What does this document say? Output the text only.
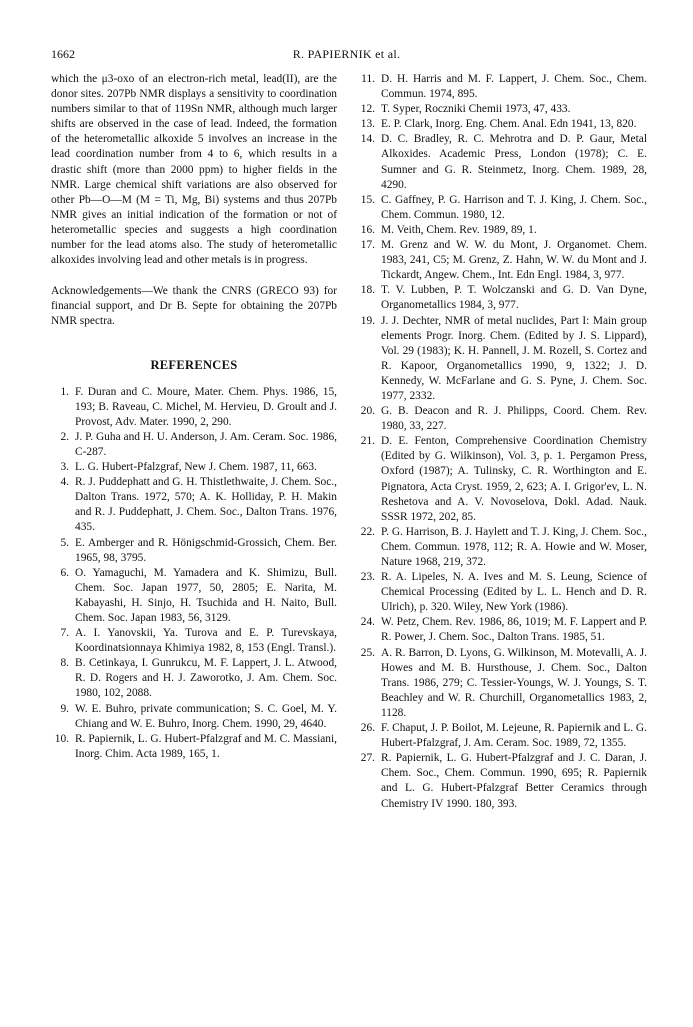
1662	R. PAPIERNIK et al.

which the μ3-oxo of an electron-rich metal, lead(II), are the donor sites. 207Pb NMR displays a sensitivity to coordination numbers similar to that of 119Sn NMR, although much larger shifts are observed in the case of lead. Indeed, the formation of the heterometallic alkoxide 5 involves an increase in the lead coordination number from 4 to 6, which results in a drastic shift (more than 2000 ppm) to higher fields in the NMR. Large chemical shift variations are also observed for other Pb—O—M (M = Ti, Mg, Bi) systems and thus 207Pb NMR gives an initial indication of the formation or not of heterometallic species and suggests a high coordination number for the lead atoms also. The study of heterometallic alkoxides involving lead and other metals is in progress.

Acknowledgements—We thank the CNRS (GRECO 93) for financial support, and Dr B. Septe for obtaining the 207Pb NMR spectra.

REFERENCES
1. F. Duran and C. Moure, Mater. Chem. Phys. 1986, 15, 193; B. Raveau, C. Michel, M. Hervieu, D. Groult and J. Provost, Adv. Mater. 1990, 2, 290.
2. J. P. Guha and H. U. Anderson, J. Am. Ceram. Soc. 1986, C-287.
3. L. G. Hubert-Pfalzgraf, New J. Chem. 1987, 11, 663.
4. R. J. Puddephatt and G. H. Thistlethwaite, J. Chem. Soc., Dalton Trans. 1972, 570; A. K. Holliday, P. H. Makin and R. J. Puddephatt, J. Chem. Soc., Dalton Trans. 1976, 435.
5. E. Amberger and R. Hönigschmid-Grossich, Chem. Ber. 1965, 98, 3795.
6. O. Yamaguchi, M. Yamadera and K. Shimizu, Bull. Chem. Soc. Japan 1977, 50, 2805; E. Narita, M. Kabayashi, H. Sinjo, H. Tsuchida and H. Naito, Bull. Chem. Soc. Japan 1983, 56, 3129.
7. A. I. Yanovskii, Ya. Turova and E. P. Turevskaya, Koordinatsionnaya Khimiya 1982, 8, 153 (Engl. Transl.).
8. B. Cetinkaya, I. Gunrukcu, M. F. Lappert, J. L. Atwood, R. D. Rogers and H. J. Zaworotko, J. Am. Chem. Soc. 1980, 102, 2088.
9. W. E. Buhro, private communication; S. C. Goel, M. Y. Chiang and W. E. Buhro, Inorg. Chem. 1990, 29, 4640.
10. R. Papiernik, L. G. Hubert-Pfalzgraf and M. C. Massiani, Inorg. Chim. Acta 1989, 165, 1.
11. D. H. Harris and M. F. Lappert, J. Chem. Soc., Chem. Commun. 1974, 895.
12. T. Syper, Roczniki Chemii 1973, 47, 433.
13. E. P. Clark, Inorg. Eng. Chem. Anal. Edn 1941, 13, 820.
14. D. C. Bradley, R. C. Mehrotra and D. P. Gaur, Metal Alkoxides. Academic Press, London (1978); C. E. Sumner and G. R. Steinmetz, Inorg. Chem. 1989, 28, 4290.
15. C. Gaffney, P. G. Harrison and T. J. King, J. Chem. Soc., Chem. Commun. 1980, 12.
16. M. Veith, Chem. Rev. 1989, 89, 1.
17. M. Grenz and W. W. du Mont, J. Organomet. Chem. 1983, 241, C5; M. Grenz, Z. Hahn, W. W. du Mont and J. Tickardt, Angew. Chem., Int. Edn Engl. 1984, 3, 977.
18. T. V. Lubben, P. T. Wolczanski and G. D. Van Dyne, Organometallics 1984, 3, 977.
19. J. J. Dechter, NMR of metal nuclides, Part I: Main group elements Progr. Inorg. Chem. (Edited by J. S. Lippard), Vol. 29 (1983); K. H. Pannell, J. M. Rozell, S. Cortez and R. Kapoor, Organometallics 1990, 9, 1322; J. D. Kennedy, W. McFarlane and G. S. Pyne, J. Chem. Soc. 1977, 2332.
20. G. B. Deacon and R. J. Philipps, Coord. Chem. Rev. 1980, 33, 227.
21. D. E. Fenton, Comprehensive Coordination Chemistry (Edited by G. Wilkinson), Vol. 3, p. 1. Pergamon Press, Oxford (1987); A. Tulinsky, C. R. Worthington and E. Pignatora, Acta Cryst. 1959, 2, 623; A. I. Grigor'ev, L. N. Reshetova and A. V. Novoselova, Dokl. Adad. Nauk. SSSR 1972, 202, 85.
22. P. G. Harrison, B. J. Haylett and T. J. King, J. Chem. Soc., Chem. Commun. 1978, 112; R. A. Howie and W. Moser, Nature 1968, 219, 372.
23. R. A. Lipeles, N. A. Ives and M. S. Leung, Science of Chemical Processing (Edited by L. L. Hench and D. R. Ulrich), p. 320. Wiley, New York (1986).
24. W. Petz, Chem. Rev. 1986, 86, 1019; M. F. Lappert and P. R. Power, J. Chem. Soc., Dalton Trans. 1985, 51.
25. A. R. Barron, D. Lyons, G. Wilkinson, M. Motevalli, A. J. Howes and M. B. Hursthouse, J. Chem. Soc., Dalton Trans. 1986, 279; C. Tessier-Youngs, W. J. Youngs, S. T. Beachley and W. R. Churchill, Organometallics 1983, 2, 1128.
26. F. Chaput, J. P. Boilot, M. Lejeune, R. Papiernik and L. G. Hubert-Pfalzgraf, J. Am. Ceram. Soc. 1989, 72, 1355.
27. R. Papiernik, L. G. Hubert-Pfalzgraf and J. C. Daran, J. Chem. Soc., Chem. Commun. 1990, 695; R. Papiernik and L. G. Hubert-Pfalzgraf Better Ceramics through Chemistry IV 1990. 180, 393.
